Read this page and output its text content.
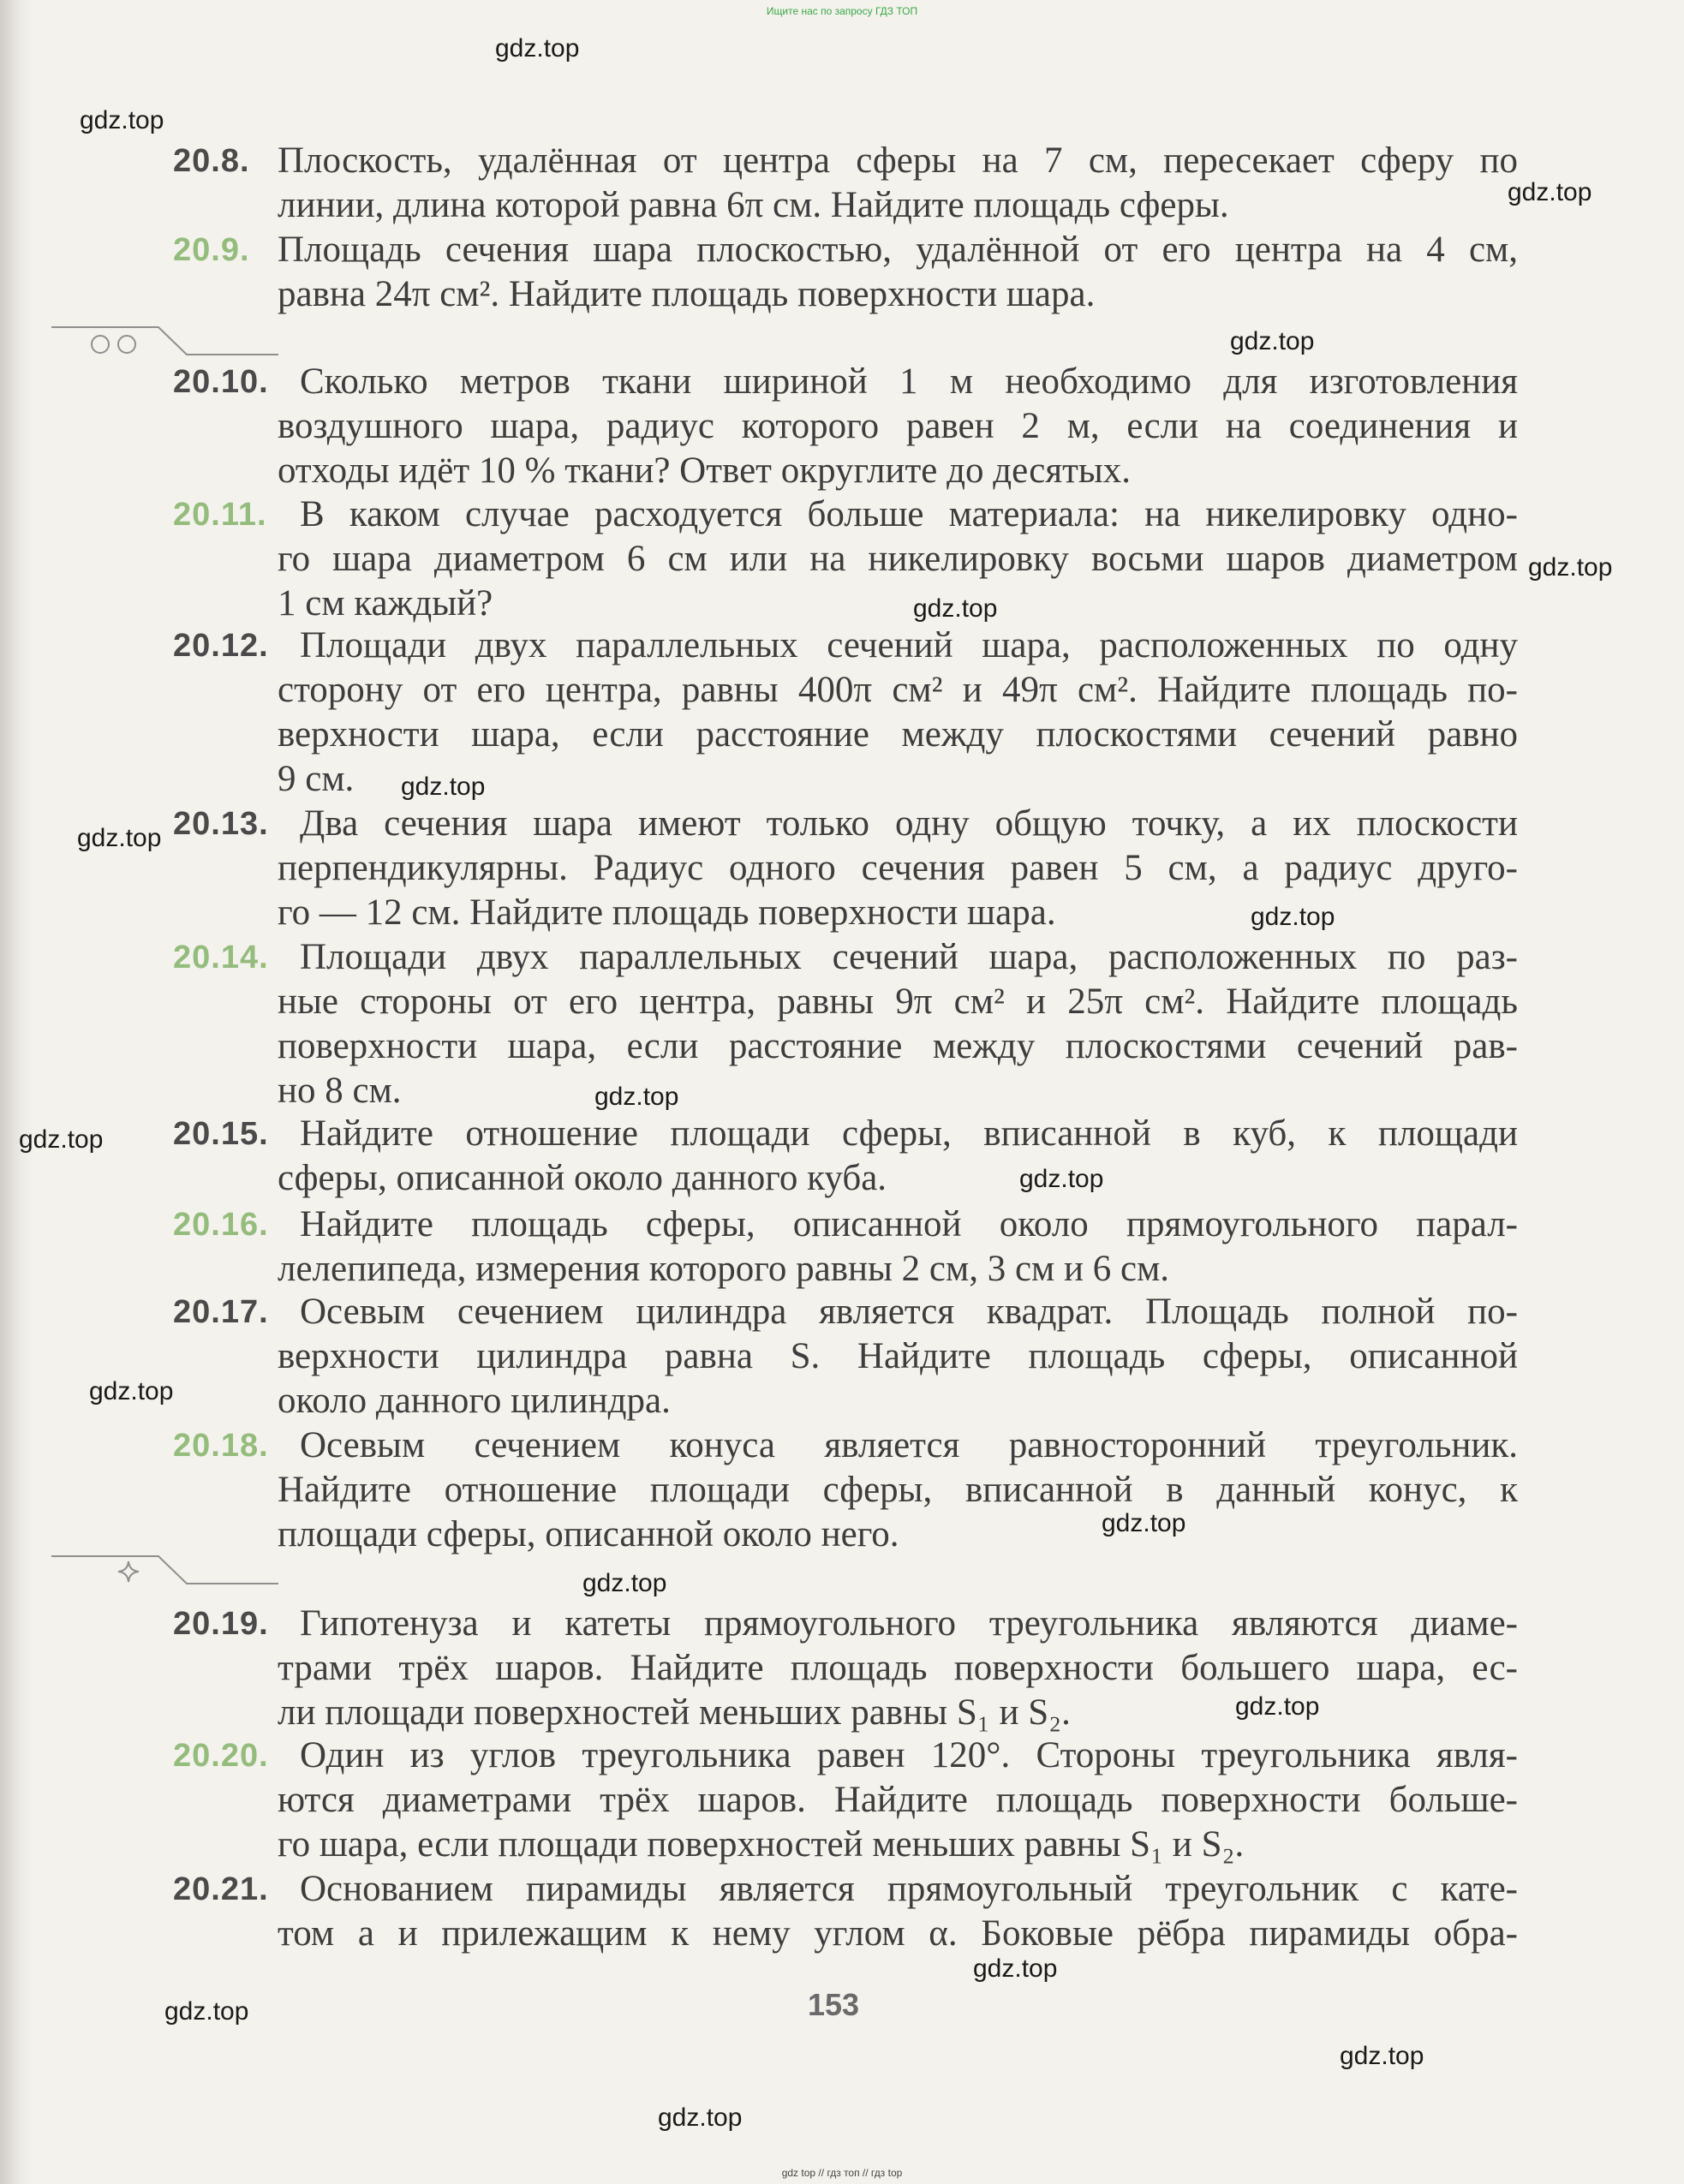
Ищите нас по запросу ГДЗ ТОП
20.8. Плоскость, удалённая от центра сферы на 7 см, пересекает сферу по
линии, длина которой равна 6π см. Найдите площадь сферы.
20.9. Площадь сечения шара плоскостью, удалённой от его центра на 4 см,
равна 24π см². Найдите площадь поверхности шара.
20.10. Сколько метров ткани шириной 1 м необходимо для изготовления
воздушного шара, радиус которого равен 2 м, если на соединения и
отходы идёт 10 % ткани? Ответ округлите до десятых.
20.11. В каком случае расходуется больше материала: на никелировку одно-
го шара диаметром 6 см или на никелировку восьми шаров диаметром
1 см каждый?
20.12. Площади двух параллельных сечений шара, расположенных по одну
сторону от его центра, равны 400π см² и 49π см². Найдите площадь по-
верхности шара, если расстояние между плоскостями сечений равно
9 см.
20.13. Два сечения шара имеют только одну общую точку, а их плоскости
перпендикулярны. Радиус одного сечения равен 5 см, а радиус друго-
го — 12 см. Найдите площадь поверхности шара.
20.14. Площади двух параллельных сечений шара, расположенных по раз-
ные стороны от его центра, равны 9π см² и 25π см². Найдите площадь
поверхности шара, если расстояние между плоскостями сечений рав-
но 8 см.
20.15. Найдите отношение площади сферы, вписанной в куб, к площади
сферы, описанной около данного куба.
20.16. Найдите площадь сферы, описанной около прямоугольного парал-
лелепипеда, измерения которого равны 2 см, 3 см и 6 см.
20.17. Осевым сечением цилиндра является квадрат. Площадь полной по-
верхности цилиндра равна S. Найдите площадь сферы, описанной
около данного цилиндра.
20.18. Осевым сечением конуса является равносторонний треугольник.
Найдите отношение площади сферы, вписанной в данный конус, к
площади сферы, описанной около него.
20.19. Гипотенуза и катеты прямоугольного треугольника являются диаме-
трами трёх шаров. Найдите площадь поверхности большего шара, ес-
ли площади поверхностей меньших равны S₁ и S₂.
20.20. Один из углов треугольника равен 120°. Стороны треугольника явля-
ются диаметрами трёх шаров. Найдите площадь поверхности больше-
го шара, если площади поверхностей меньших равны S₁ и S₂.
20.21. Основанием пирамиды является прямоугольный треугольник с кате-
том a и прилежащим к нему углом α. Боковые рёбра пирамиды обра-
gdz.top
gdz.top
gdz.top
gdz.top
gdz.top
gdz.top
gdz.top
gdz.top
gdz.top
gdz.top
gdz.top
gdz.top
gdz.top
gdz.top
gdz.top
gdz.top
gdz.top
gdz.top
gdz.top
gdz.top
153
gdz top // гдз топ // гдз top
